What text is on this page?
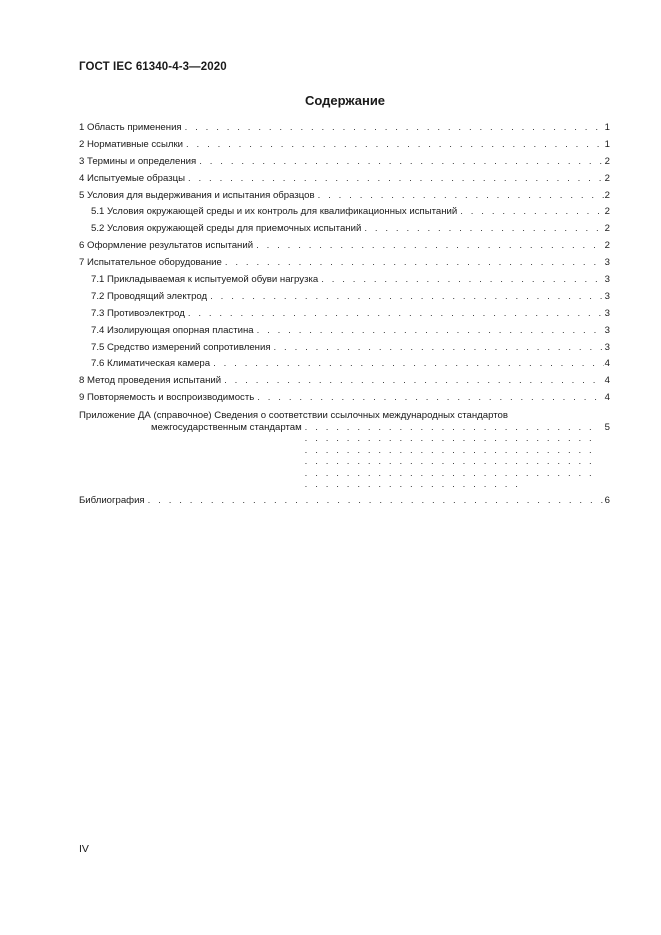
ГОСТ IEC 61340-4-3—2020
Содержание
1 Область применения . . .	1
2 Нормативные ссылки . . .	1
3 Термины и определения . . .	2
4 Испытуемые образцы . . .	2
5 Условия для выдерживания и испытания образцов . . .	2
5.1 Условия окружающей среды и их контроль для квалификационных испытаний . . .	2
5.2 Условия окружающей среды для приемочных испытаний . . .	2
6 Оформление результатов испытаний . . .	2
7 Испытательное оборудование . . .	3
7.1 Прикладываемая к испытуемой обуви нагрузка . . .	3
7.2 Проводящий электрод . . .	3
7.3 Противоэлектрод . . .	3
7.4 Изолирующая опорная пластина . . .	3
7.5 Средство измерений сопротивления . . .	3
7.6 Климатическая камера . . .	4
8 Метод проведения испытаний . . .	4
9 Повторяемость и воспроизводимость . . .	4
Приложение ДА (справочное) Сведения о соответствии ссылочных международных стандартов
межгосударственным стандартам . . .	5
Библиография . . .	6
IV
